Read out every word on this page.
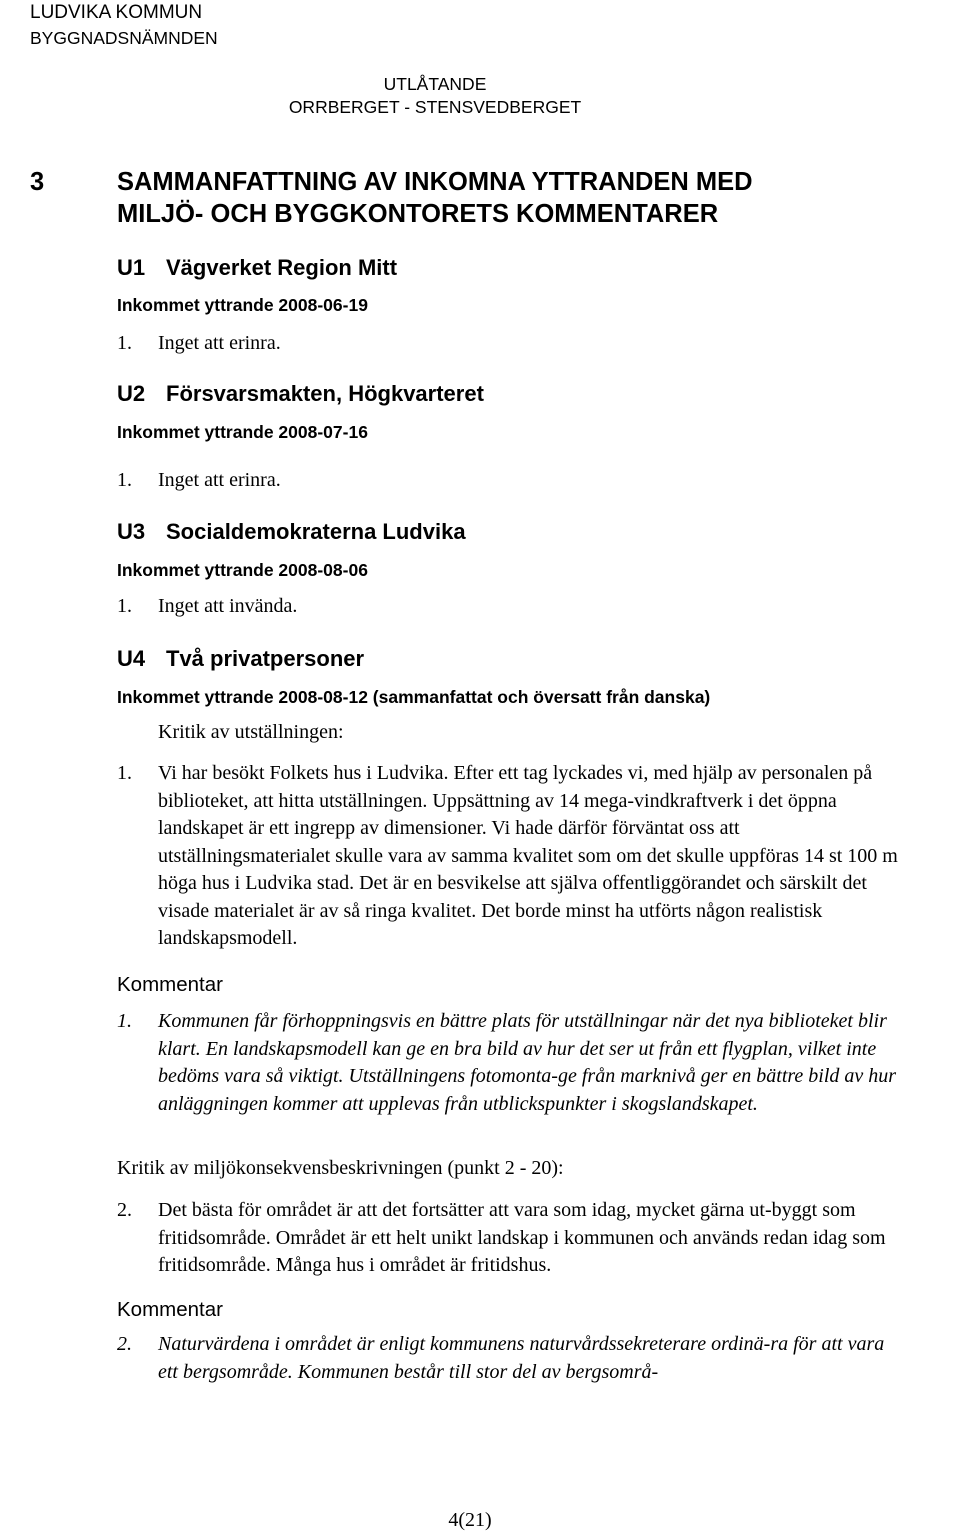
LUDVIKA KOMMUN
BYGGNADSNÄMNDEN
UTLÅTANDE
ORRBERGET - STENSVEDBERGET
3	SAMMANFATTNING AV INKOMNA YTTRANDEN MED
MILJÖ- OCH BYGGKONTORETS KOMMENTARER
U1 Vägverket Region Mitt
Inkommet yttrande 2008-06-19
1. Inget att erinra.
U2 Försvarsmakten, Högkvarteret
Inkommet yttrande 2008-07-16
1. Inget att erinra.
U3 Socialdemokraterna Ludvika
Inkommet yttrande 2008-08-06
1. Inget att invända.
U4 Två privatpersoner
Inkommet yttrande 2008-08-12 (sammanfattat och översatt från danska)
Kritik av utställningen:
1. Vi har besökt Folkets hus i Ludvika. Efter ett tag lyckades vi, med hjälp av personalen på biblioteket, att hitta utställningen. Uppsättning av 14 mega-vindkraftverk i det öppna landskapet är ett ingrepp av dimensioner. Vi hade därför förväntat oss att utställningsmaterialet skulle vara av samma kvalitet som om det skulle uppföras 14 st 100 m höga hus i Ludvika stad. Det är en besvikelse att själva offentliggörandet och särskilt det visade materialet är av så ringa kvalitet. Det borde minst ha utförts någon realistisk landskapsmodell.
Kommentar
1. Kommunen får förhoppningsvis en bättre plats för utställningar när det nya biblioteket blir klart. En landskapsmodell kan ge en bra bild av hur det ser ut från ett flygplan, vilket inte bedöms vara så viktigt. Utställningens fotomonta-ge från marknivå ger en bättre bild av hur anläggningen kommer att upplevas från utblickspunkter i skogslandskapet.
Kritik av miljökonsekvensbeskrivningen (punkt 2 - 20):
2. Det bästa för området är att det fortsätter att vara som idag, mycket gärna ut-byggt som fritidsområde. Området är ett helt unikt landskap i kommunen och används redan idag som fritidsområde. Många hus i området är fritidshus.
Kommentar
2. Naturvärdena i området är enligt kommunens naturvårdssekreterare ordinä-ra för att vara ett bergsområde. Kommunen består till stor del av bergsområ-
4(21)
